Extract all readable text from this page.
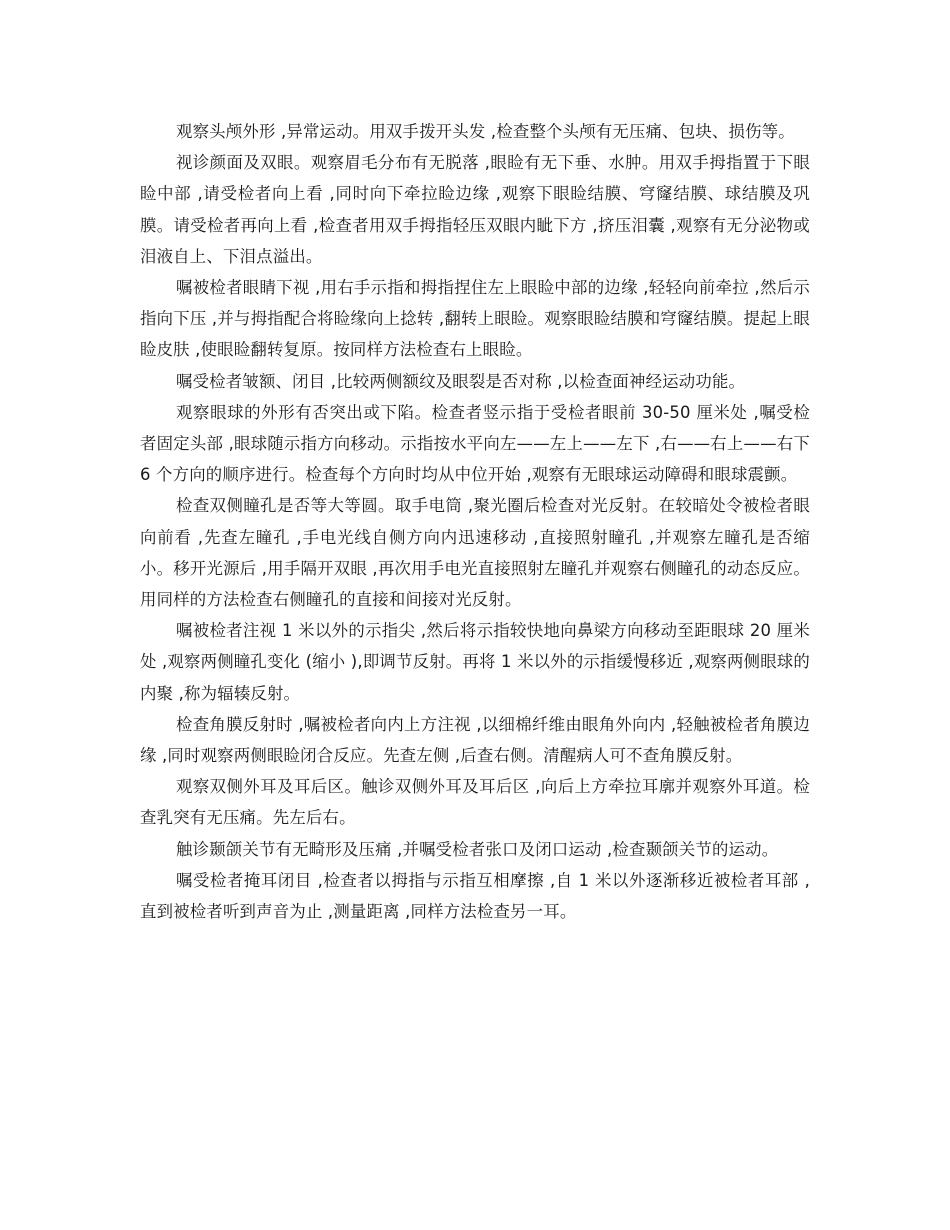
观察头颅外形 ,异常运动。用双手拨开头发 ,检查整个头颅有无压痛、包块、损伤等。

视诊颜面及双眼。观察眉毛分布有无脱落 ,眼睑有无下垂、水肿。用双手拇指置于下眼睑中部 ,请受检者向上看 ,同时向下牵拉睑边缘 ,观察下眼睑结膜、穹窿结膜、球结膜及巩膜。请受检者再向上看 ,检查者用双手拇指轻压双眼内眦下方 ,挤压泪囊 ,观察有无分泌物或泪液自上、下泪点溢出。

嘱被检者眼睛下视 ,用右手示指和拇指捏住左上眼睑中部的边缘 ,轻轻向前牵拉 ,然后示指向下压 ,并与拇指配合将睑缘向上捻转 ,翻转上眼睑。观察眼睑结膜和穹窿结膜。提起上眼睑皮肤 ,使眼睑翻转复原。按同样方法检查右上眼睑。

嘱受检者皱额、闭目 ,比较两侧额纹及眼裂是否对称 ,以检查面神经运动功能。

观察眼球的外形有否突出或下陷。检查者竖示指于受检者眼前 30-50 厘米处 ,嘱受检者固定头部 ,眼球随示指方向移动。示指按水平向左——左上——左下 ,右——右上——右下 6 个方向的顺序进行。检查每个方向时均从中位开始 ,观察有无眼球运动障碍和眼球震颤。

检查双侧瞳孔是否等大等圆。取手电筒 ,聚光圈后检查对光反射。在较暗处令被检者眼向前看 ,先查左瞳孔 ,手电光线自侧方向内迅速移动 ,直接照射瞳孔 ,并观察左瞳孔是否缩小。移开光源后 ,用手隔开双眼 ,再次用手电光直接照射左瞳孔并观察右侧瞳孔的动态反应。用同样的方法检查右侧瞳孔的直接和间接对光反射。

嘱被检者注视 1 米以外的示指尖 ,然后将示指较快地向鼻梁方向移动至距眼球 20 厘米处 ,观察两侧瞳孔变化 (缩小 ),即调节反射。再将 1 米以外的示指缓慢移近 ,观察两侧眼球的内聚 ,称为辐辏反射。

检查角膜反射时 ,嘱被检者向内上方注视 ,以细棉纤维由眼角外向内 ,轻触被检者角膜边缘 ,同时观察两侧眼睑闭合反应。先查左侧 ,后查右侧。清醒病人可不查角膜反射。

观察双侧外耳及耳后区。触诊双侧外耳及耳后区 ,向后上方牵拉耳廓并观察外耳道。检查乳突有无压痛。先左后右。

触诊颞颌关节有无畸形及压痛 ,并嘱受检者张口及闭口运动 ,检查颞颌关节的运动。

嘱受检者掩耳闭目 ,检查者以拇指与示指互相摩擦 ,自 1 米以外逐渐移近被检者耳部 ,直到被检者听到声音为止 ,测量距离 ,同样方法检查另一耳。
